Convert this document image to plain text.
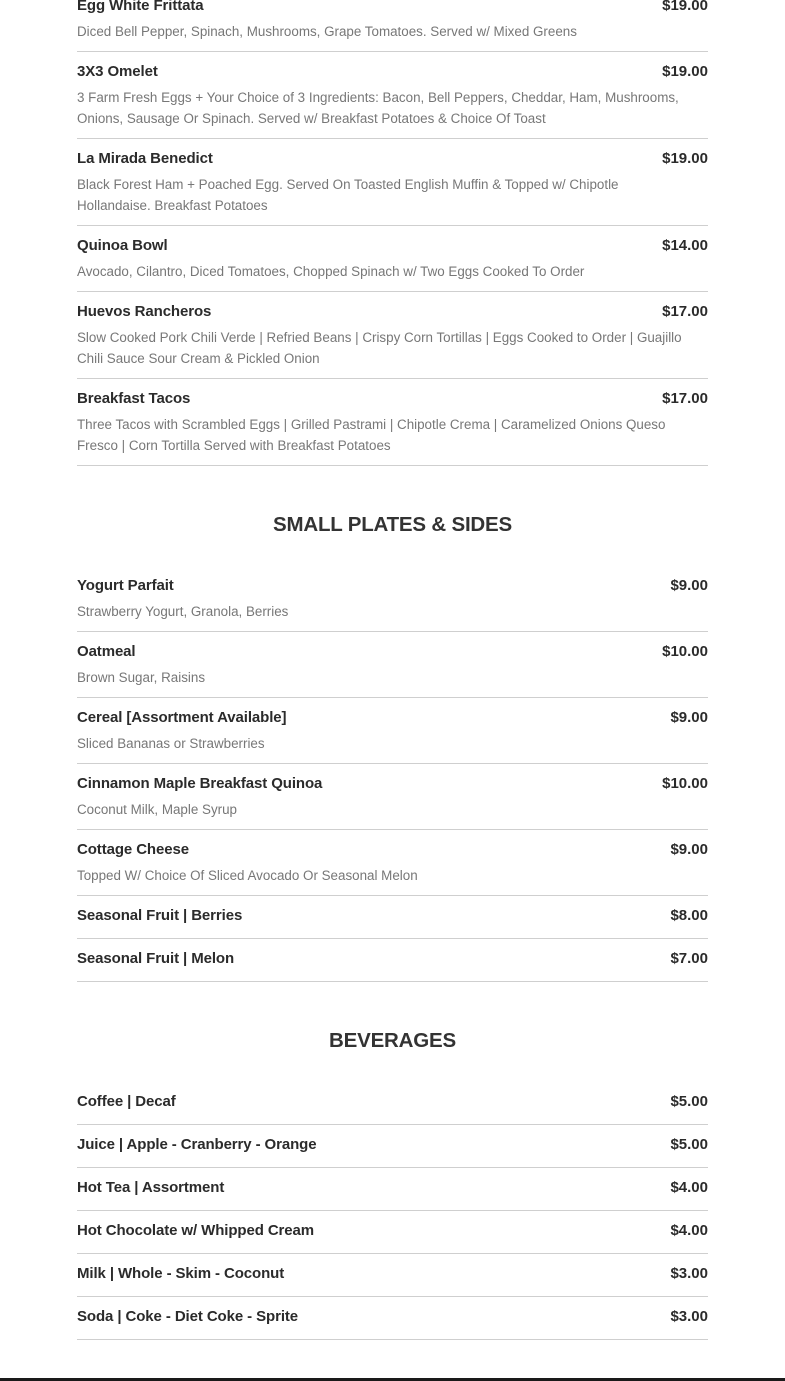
Egg White Frittata	$19.00
Diced Bell Pepper, Spinach, Mushrooms, Grape Tomatoes. Served w/ Mixed Greens
3X3 Omelet	$19.00
3 Farm Fresh Eggs + Your Choice of 3 Ingredients: Bacon, Bell Peppers, Cheddar, Ham, Mushrooms, Onions, Sausage Or Spinach. Served w/ Breakfast Potatoes & Choice Of Toast
La Mirada Benedict	$19.00
Black Forest Ham + Poached Egg. Served On Toasted English Muffin & Topped w/ Chipotle Hollandaise. Breakfast Potatoes
Quinoa Bowl	$14.00
Avocado, Cilantro, Diced Tomatoes, Chopped Spinach w/ Two Eggs Cooked To Order
Huevos Rancheros	$17.00
Slow Cooked Pork Chili Verde | Refried Beans | Crispy Corn Tortillas | Eggs Cooked to Order | Guajillo Chili Sauce Sour Cream & Pickled Onion
Breakfast Tacos	$17.00
Three Tacos with Scrambled Eggs | Grilled Pastrami | Chipotle Crema | Caramelized Onions Queso Fresco | Corn Tortilla Served with Breakfast Potatoes
SMALL PLATES & SIDES
Yogurt Parfait	$9.00
Strawberry Yogurt, Granola, Berries
Oatmeal	$10.00
Brown Sugar, Raisins
Cereal [Assortment Available]	$9.00
Sliced Bananas or Strawberries
Cinnamon Maple Breakfast Quinoa	$10.00
Coconut Milk, Maple Syrup
Cottage Cheese	$9.00
Topped W/ Choice Of Sliced Avocado Or Seasonal Melon
Seasonal Fruit | Berries	$8.00
Seasonal Fruit | Melon	$7.00
BEVERAGES
Coffee | Decaf	$5.00
Juice | Apple - Cranberry - Orange	$5.00
Hot Tea | Assortment	$4.00
Hot Chocolate w/ Whipped Cream	$4.00
Milk | Whole - Skim - Coconut	$3.00
Soda | Coke - Diet Coke - Sprite	$3.00
